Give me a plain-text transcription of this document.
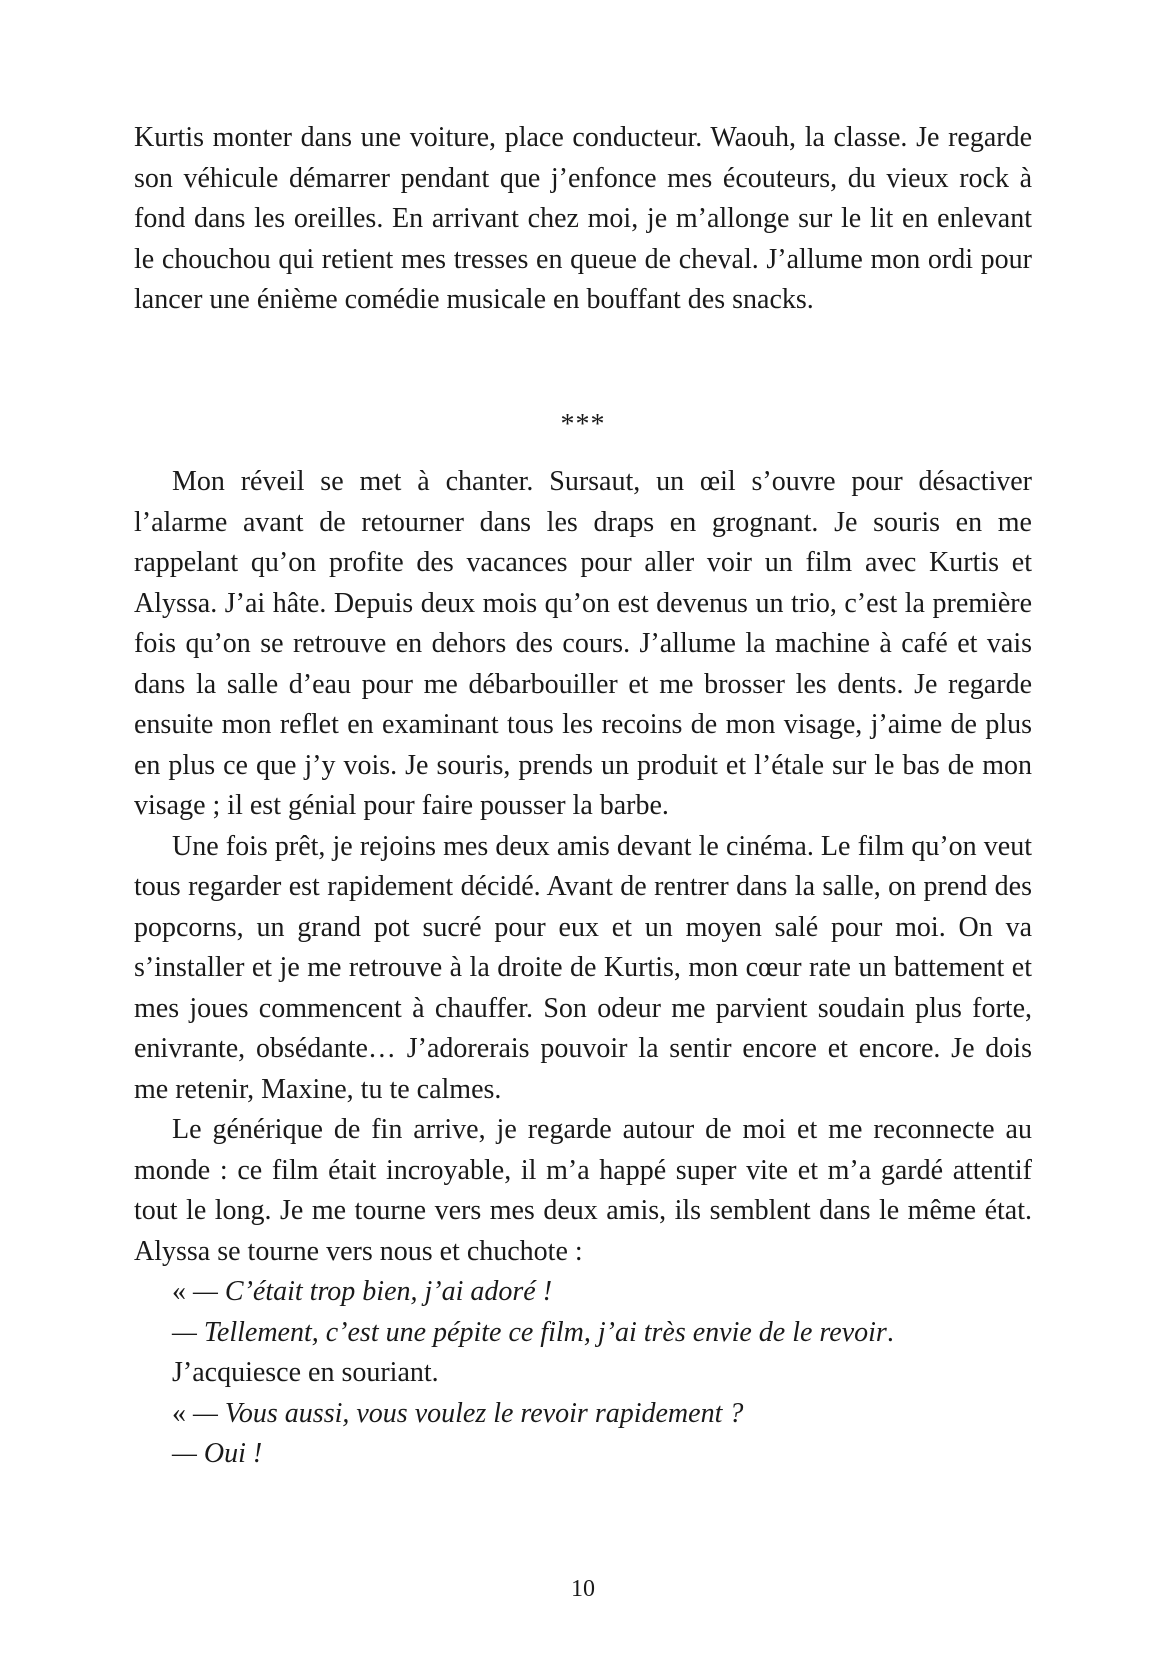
Kurtis monter dans une voiture, place conducteur. Waouh, la classe. Je regarde son véhicule démarrer pendant que j’enfonce mes écouteurs, du vieux rock à fond dans les oreilles. En arrivant chez moi, je m’allonge sur le lit en enlevant le chouchou qui retient mes tresses en queue de cheval. J’allume mon ordi pour lancer une énième comédie musicale en bouffant des snacks.

***

Mon réveil se met à chanter. Sursaut, un œil s’ouvre pour désactiver l’alarme avant de retourner dans les draps en grognant. Je souris en me rappelant qu’on profite des vacances pour aller voir un film avec Kurtis et Alyssa. J’ai hâte. Depuis deux mois qu’on est devenus un trio, c’est la première fois qu’on se retrouve en dehors des cours. J’allume la machine à café et vais dans la salle d’eau pour me débarbouiller et me brosser les dents. Je regarde ensuite mon reflet en examinant tous les recoins de mon visage, j’aime de plus en plus ce que j’y vois. Je souris, prends un produit et l’étale sur le bas de mon visage ; il est génial pour faire pousser la barbe.

Une fois prêt, je rejoins mes deux amis devant le cinéma. Le film qu’on veut tous regarder est rapidement décidé. Avant de rentrer dans la salle, on prend des popcorns, un grand pot sucré pour eux et un moyen salé pour moi. On va s’installer et je me retrouve à la droite de Kurtis, mon cœur rate un battement et mes joues commencent à chauffer. Son odeur me parvient soudain plus forte, enivrante, obsédante… J’adorerais pouvoir la sentir encore et encore. Je dois me retenir, Maxine, tu te calmes.

Le générique de fin arrive, je regarde autour de moi et me reconnecte au monde : ce film était incroyable, il m’a happé super vite et m’a gardé attentif tout le long. Je me tourne vers mes deux amis, ils semblent dans le même état. Alyssa se tourne vers nous et chuchote :

« — C’était trop bien, j’ai adoré !

— Tellement, c’est une pépite ce film, j’ai très envie de le revoir.

J’acquiesce en souriant.

« — Vous aussi, vous voulez le revoir rapidement ?

— Oui !

10
